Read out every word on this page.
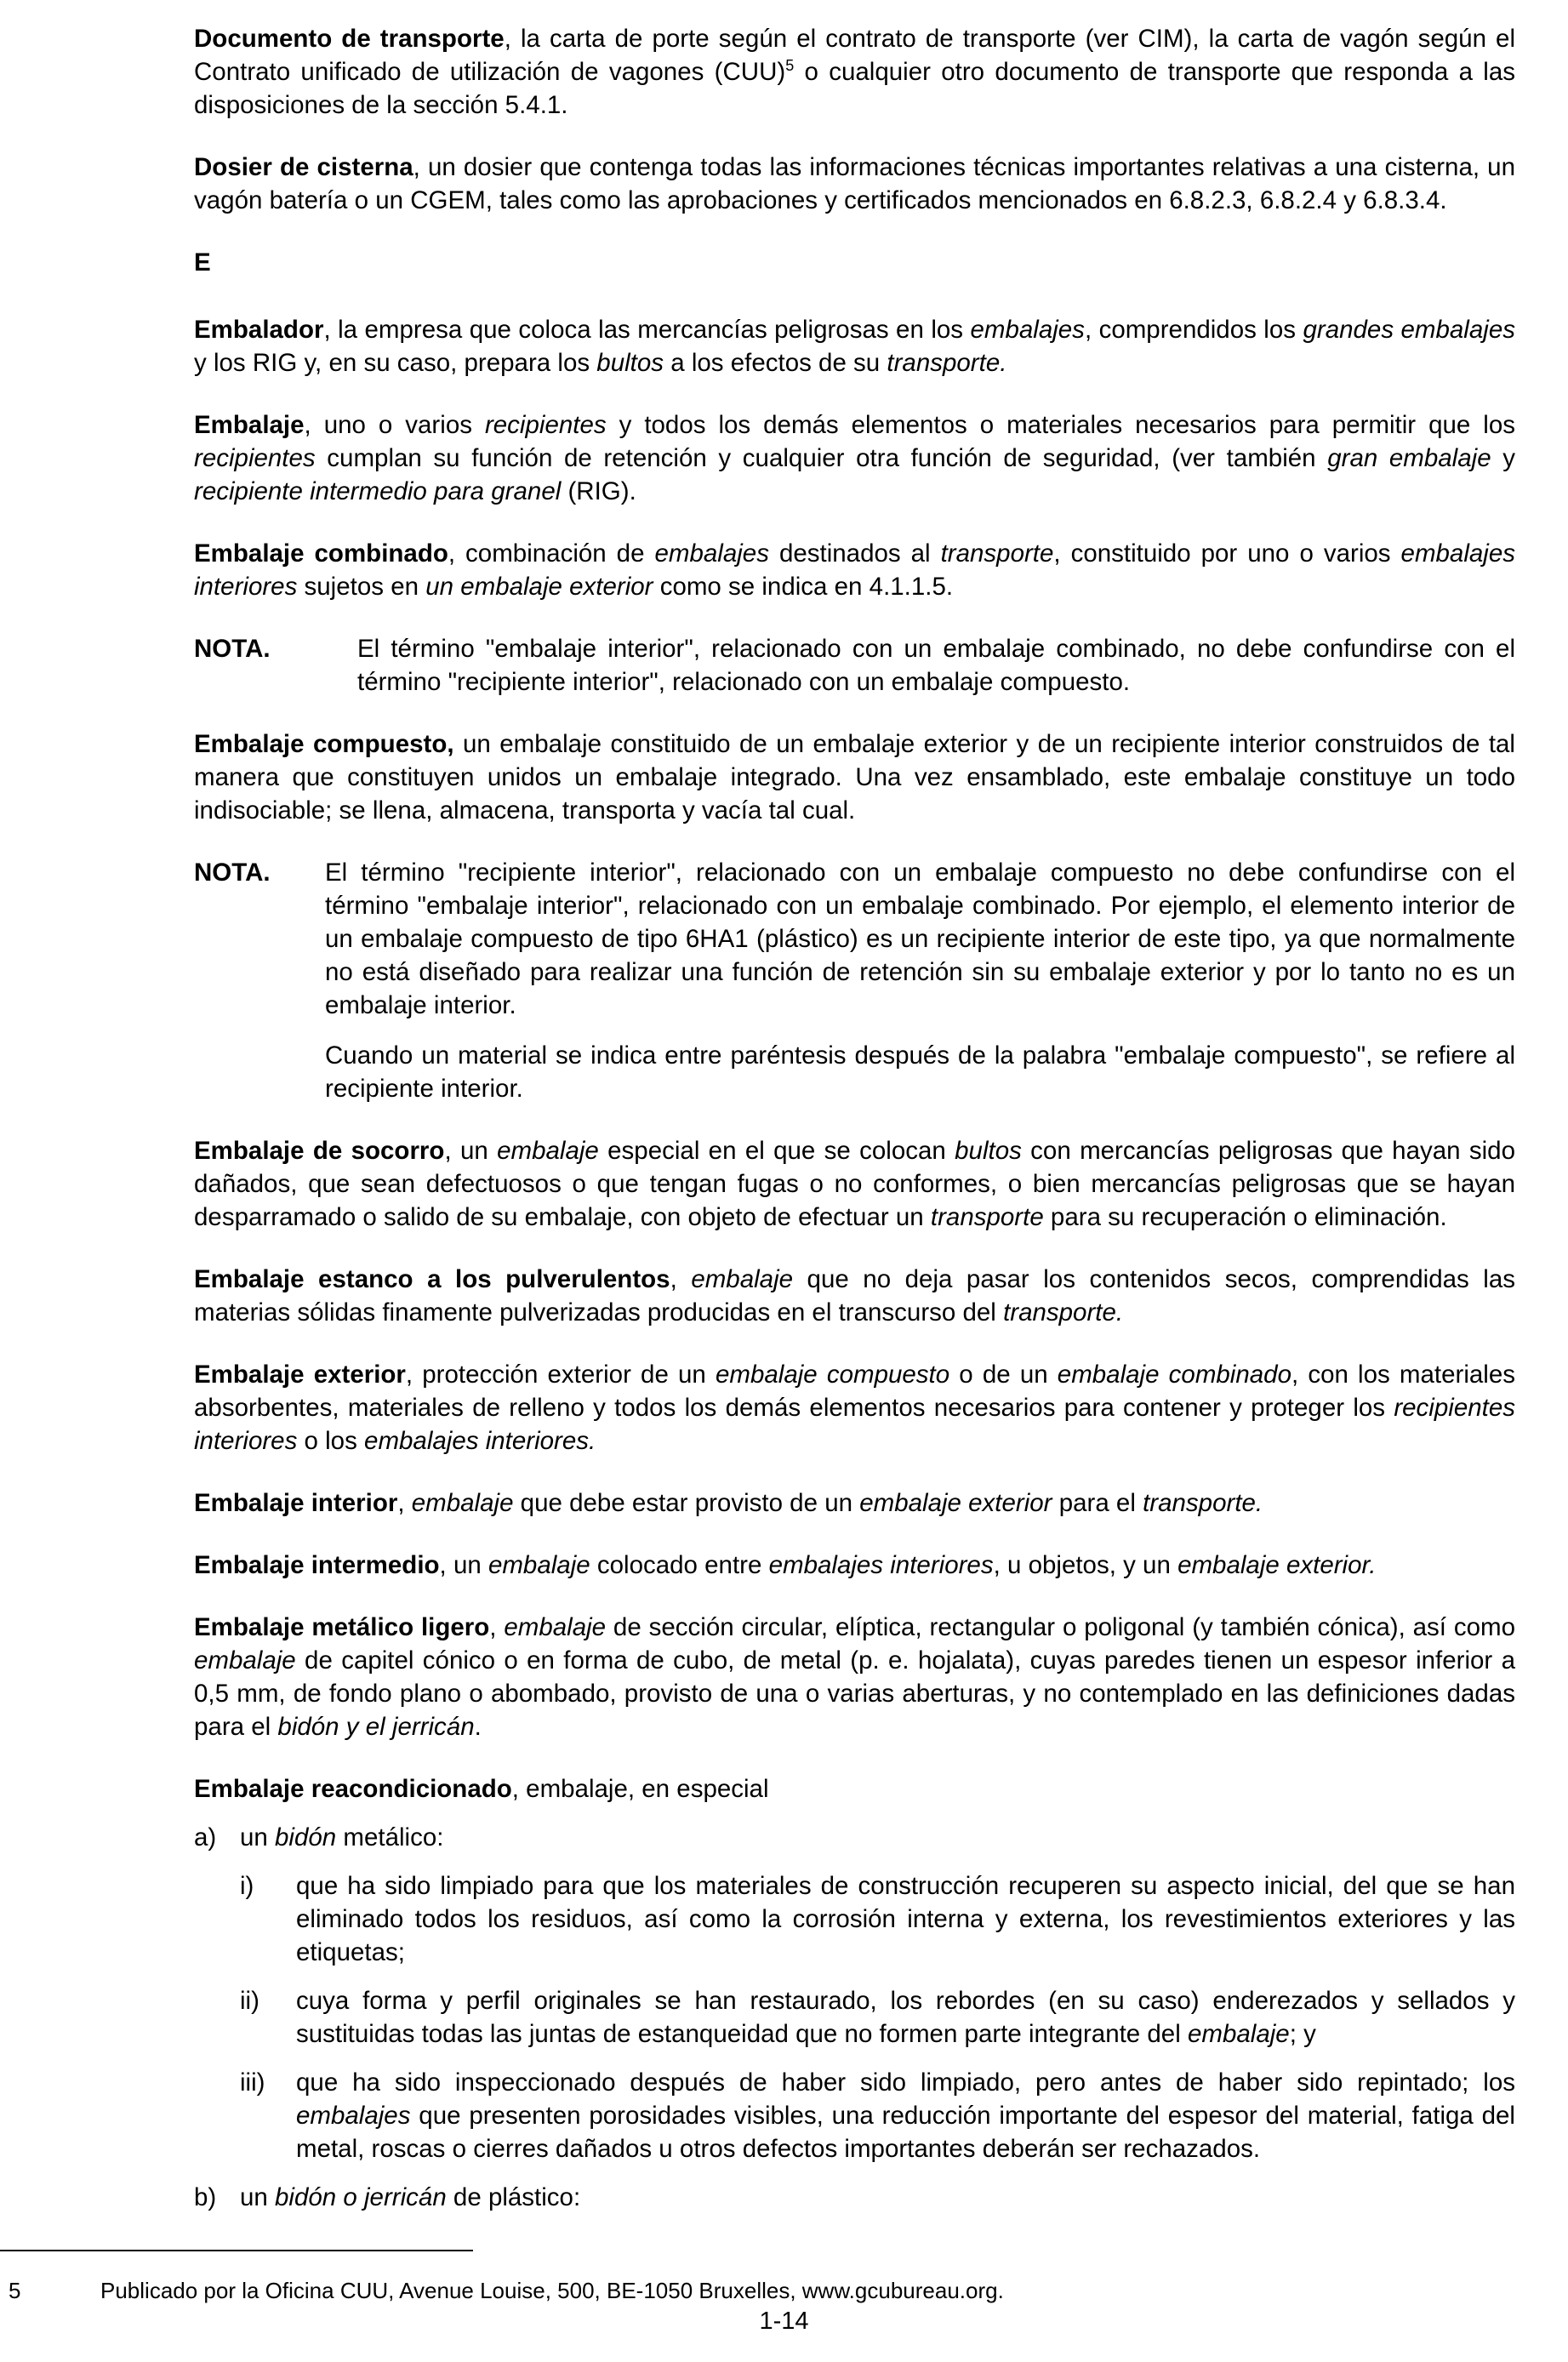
Documento de transporte, la carta de porte según el contrato de transporte (ver CIM), la carta de vagón según el Contrato unificado de utilización de vagones (CUU)$^5$ o cualquier otro documento de transporte que responda a las disposiciones de la sección 5.4.1.

Dosier de cisterna, un dosier que contenga todas las informaciones técnicas importantes relativas a una cisterna, un vagón batería o un CGEM, tales como las aprobaciones y certificados mencionados en 6.8.2.3, 6.8.2.4 y 6.8.3.4.

E

Embalador, la empresa que coloca las mercancías peligrosas en los embalajes, comprendidos los grandes embalajes y los RIG y, en su caso, prepara los bultos a los efectos de su transporte.

Embalaje, uno o varios recipientes y todos los demás elementos o materiales necesarios para permitir que los recipientes cumplan su función de retención y cualquier otra función de seguridad, (ver también gran embalaje y recipiente intermedio para granel (RIG).

Embalaje combinado, combinación de embalajes destinados al transporte, constituido por uno o varios embalajes interiores sujetos en un embalaje exterior como se indica en 4.1.1.5.

NOTA.	El término "embalaje interior", relacionado con un embalaje combinado, no debe confundirse con el término "recipiente interior", relacionado con un embalaje compuesto.

Embalaje compuesto, un embalaje constituido de un embalaje exterior y de un recipiente interior construidos de tal manera que constituyen unidos un embalaje integrado. Una vez ensamblado, este embalaje constituye un todo indisociable; se llena, almacena, transporta y vacía tal cual.

NOTA.	El término "recipiente interior", relacionado con un embalaje compuesto no debe confundirse con el término "embalaje interior", relacionado con un embalaje combinado. Por ejemplo, el elemento interior de un embalaje compuesto de tipo 6HA1 (plástico) es un recipiente interior de este tipo, ya que normalmente no está diseñado para realizar una función de retención sin su embalaje exterior y por lo tanto no es un embalaje interior.

Cuando un material se indica entre paréntesis después de la palabra "embalaje compuesto", se refiere al recipiente interior.

Embalaje de socorro, un embalaje especial en el que se colocan bultos con mercancías peligrosas que hayan sido dañados, que sean defectuosos o que tengan fugas o no conformes, o bien mercancías peligrosas que se hayan desparramado o salido de su embalaje, con objeto de efectuar un transporte para su recuperación o eliminación.

Embalaje estanco a los pulverulentos, embalaje que no deja pasar los contenidos secos, comprendidas las materias sólidas finamente pulverizadas producidas en el transcurso del transporte.

Embalaje exterior, protección exterior de un embalaje compuesto o de un embalaje combinado, con los materiales absorbentes, materiales de relleno y todos los demás elementos necesarios para contener y proteger los recipientes interiores o los embalajes interiores.

Embalaje interior, embalaje que debe estar provisto de un embalaje exterior para el transporte.

Embalaje intermedio, un embalaje colocado entre embalajes interiores, u objetos, y un embalaje exterior.

Embalaje metálico ligero, embalaje de sección circular, elíptica, rectangular o poligonal (y también cónica), así como embalaje de capitel cónico o en forma de cubo, de metal (p. e. hojalata), cuyas paredes tienen un espesor inferior a 0,5 mm, de fondo plano o abombado, provisto de una o varias aberturas, y no contemplado en las definiciones dadas para el bidón y el jerricán.

Embalaje reacondicionado, embalaje, en especial

a) un bidón metálico:
i)	que ha sido limpiado para que los materiales de construcción recuperen su aspecto inicial, del que se han eliminado todos los residuos, así como la corrosión interna y externa, los revestimientos exteriores y las etiquetas;
ii)	cuya forma y perfil originales se han restaurado, los rebordes (en su caso) enderezados y sellados y sustituidas todas las juntas de estanqueidad que no formen parte integrante del embalaje; y
iii)	que ha sido inspeccionado después de haber sido limpiado, pero antes de haber sido repintado; los embalajes que presenten porosidades visibles, una reducción importante del espesor del material, fatiga del metal, roscas o cierres dañados u otros defectos importantes deberán ser rechazados.
b) un bidón o jerricán de plástico:
5	Publicado por la Oficina CUU, Avenue Louise, 500, BE-1050 Bruxelles, www.gcubureau.org.
1-14
